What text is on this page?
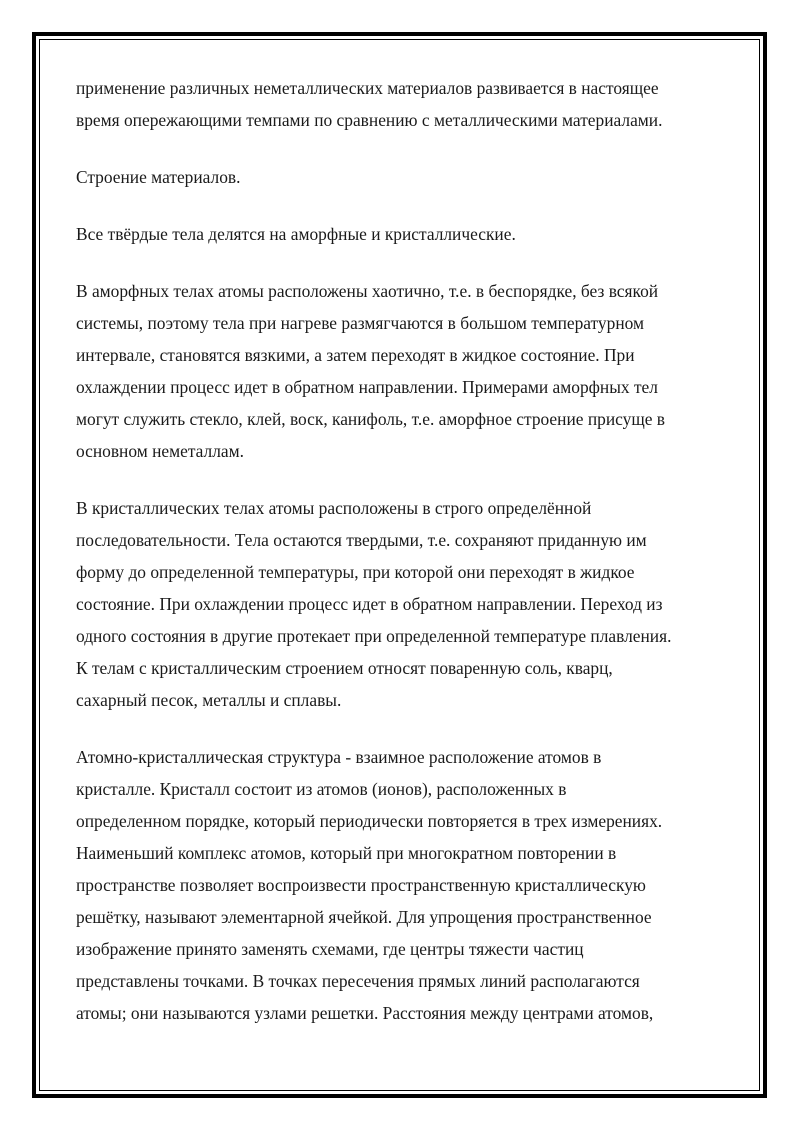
применение различных неметаллических материалов развивается в настоящее
время опережающими темпами по сравнению с металлическими материалами.

Строение материалов.

Все твёрдые тела делятся на аморфные и кристаллические.

В аморфных телах атомы расположены хаотично, т.е. в беспорядке, без всякой
системы, поэтому тела при нагреве размягчаются в большом температурном
интервале, становятся вязкими, а затем переходят в жидкое состояние. При
охлаждении процесс идет в обратном направлении. Примерами аморфных тел
могут служить стекло, клей, воск, канифоль, т.е. аморфное строение присуще в
основном неметаллам.

В кристаллических телах атомы расположены в строго определённой
последовательности. Тела остаются твердыми, т.е. сохраняют приданную им
форму до определенной температуры, при которой они переходят в жидкое
состояние. При охлаждении процесс идет в обратном направлении. Переход из
одного состояния в другие протекает при определенной температуре плавления.
К телам с кристаллическим строением относят поваренную соль, кварц,
сахарный песок, металлы и сплавы.

Атомно-кристаллическая структура - взаимное расположение атомов в
кристалле. Кристалл состоит из атомов (ионов), расположенных в
определенном порядке, который периодически повторяется в трех измерениях.
Наименьший комплекс атомов, который при многократном повторении в
пространстве позволяет воспроизвести пространственную кристаллическую
решётку, называют элементарной ячейкой. Для упрощения пространственное
изображение принято заменять схемами, где центры тяжести частиц
представлены точками. В точках пересечения прямых линий располагаются
атомы; они называются узлами решетки. Расстояния между центрами атомов,
